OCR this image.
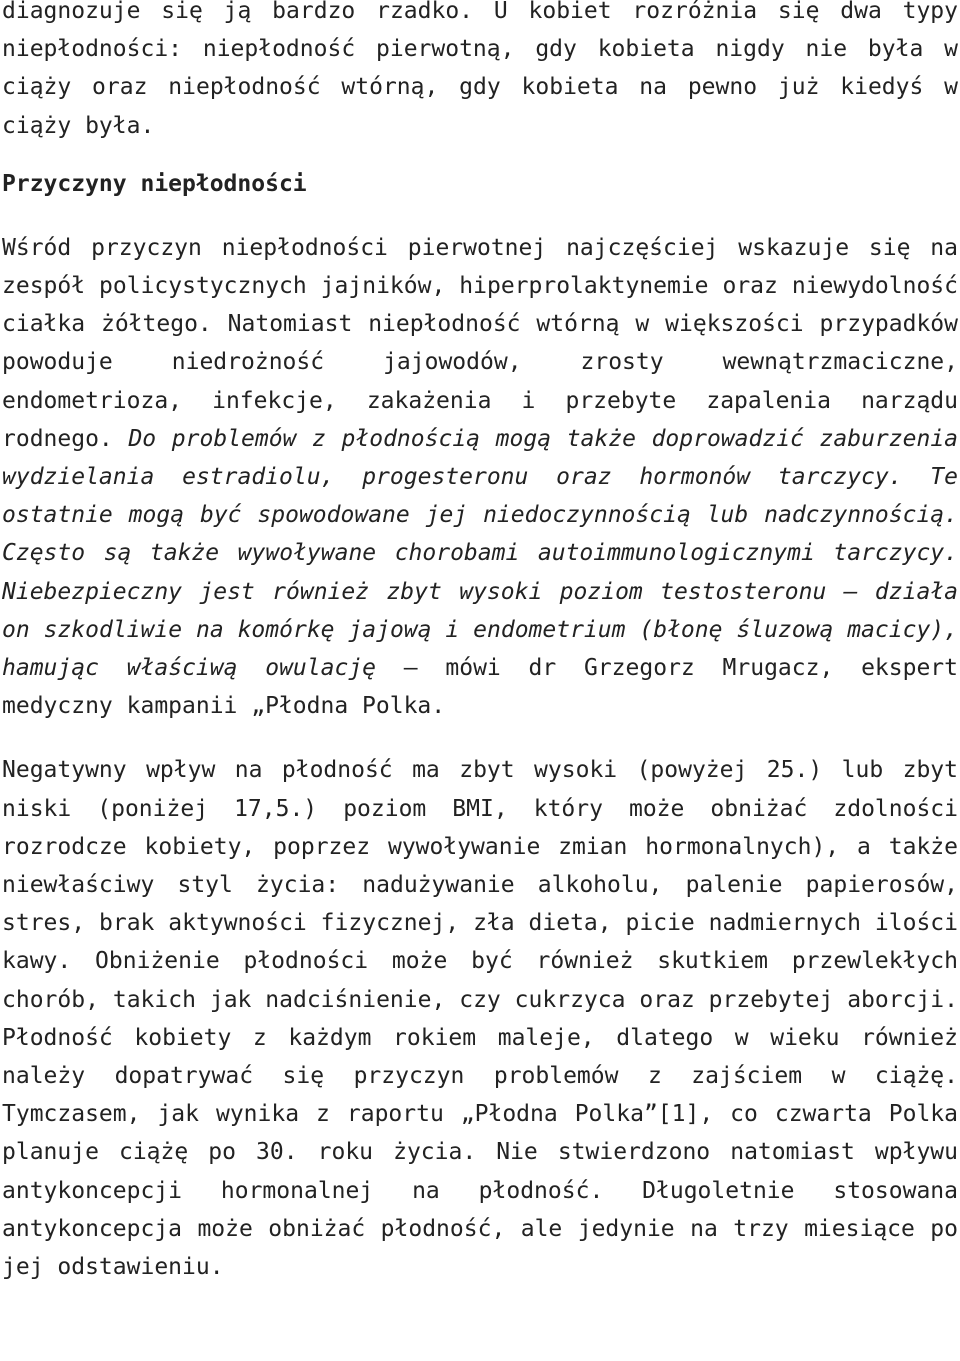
diagnozuje się ją bardzo rzadko. U kobiet rozróżnia się dwa typy niepłodności: niepłodność pierwotną, gdy kobieta nigdy nie była w ciąży oraz niepłodność wtórną, gdy kobieta na pewno już kiedyś w ciąży była.

Przyczyny niepłodności

Wśród przyczyn niepłodności pierwotnej najczęściej wskazuje się na zespół policystycznych jajników, hiperprolaktynemie oraz niewydolność ciałka żółtego. Natomiast niepłodność wtórną w większości przypadków powoduje niedrożność jajowodów, zrosty wewnątrzmaciczne, endometrioza, infekcje, zakażenia i przebyte zapalenia narządu rodnego. Do problemów z płodnością mogą także doprowadzić zaburzenia wydzielania estradiolu, progesteronu oraz hormonów tarczycy. Te ostatnie mogą być spowodowane jej niedoczynnością lub nadczynnością. Często są także wywoływane chorobami autoimmunologicznymi tarczycy. Niebezpieczny jest również zbyt wysoki poziom testosteronu – działa on szkodliwie na komórkę jajową i endometrium (błonę śluzową macicy), hamując właściwą owulację – mówi dr Grzegorz Mrugacz, ekspert medyczny kampanii „Płodna Polka.

Negatywny wpływ na płodność ma zbyt wysoki (powyżej 25.) lub zbyt niski (poniżej 17,5.) poziom BMI, który może obniżać zdolności rozrodcze kobiety, poprzez wywoływanie zmian hormonalnych), a także niewłaściwy styl życia: nadużywanie alkoholu, palenie papierosów, stres, brak aktywności fizycznej, zła dieta, picie nadmiernych ilości kawy. Obniżenie płodności może być również skutkiem przewlekłych chorób, takich jak nadciśnienie, czy cukrzyca oraz przebytej aborcji. Płodność kobiety z każdym rokiem maleje, dlatego w wieku również należy dopatrywać się przyczyn problemów z zajściem w ciążę. Tymczasem, jak wynika z raportu „Płodna Polka”[1], co czwarta Polka planuje ciążę po 30. roku życia. Nie stwierdzono natomiast wpływu antykoncepcji hormonalnej na płodność. Długoletnie stosowana antykoncepcja może obniżać płodność, ale jedynie na trzy miesiące po jej odstawieniu.
